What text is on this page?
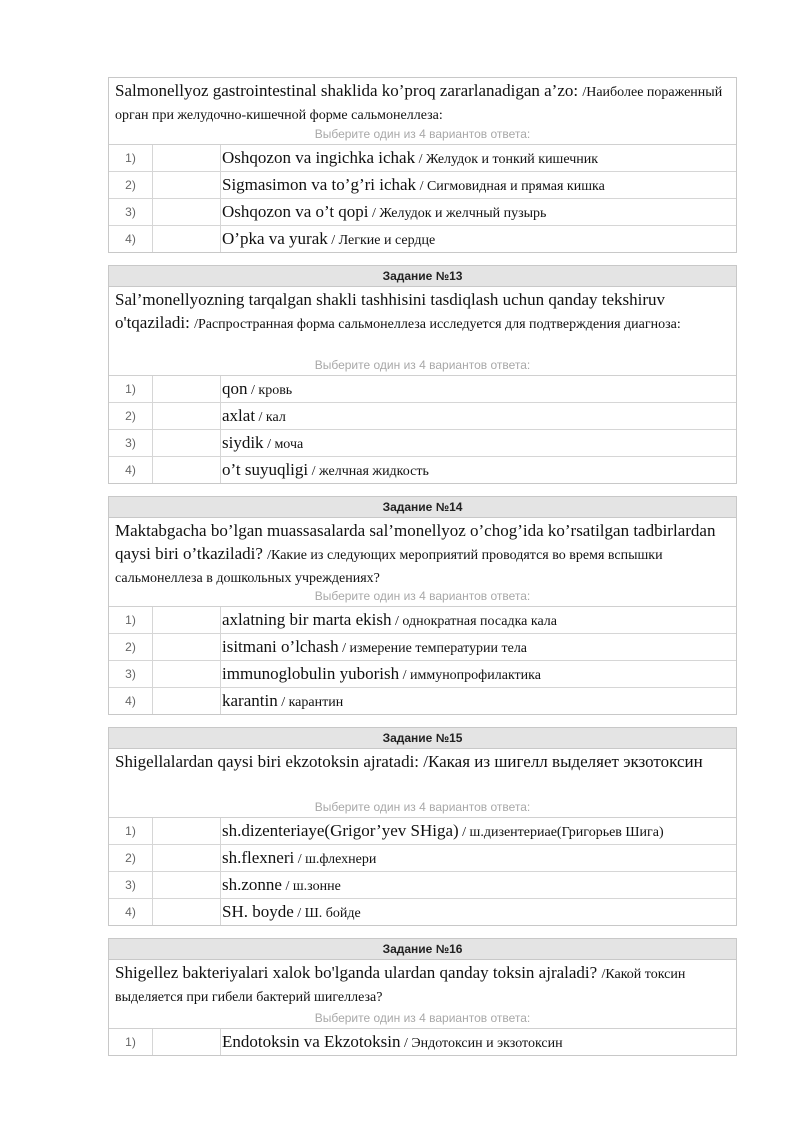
Salmonellyoz gastrointestinal shaklida ko’proq zararlanadigan a’zo: /Наиболее пораженный орган при желудочно-кишечной форме сальмонеллеза:
Выберите один из 4 вариантов ответа:
1)	Oshqozon va ingichka ichak / Желудок и тонкий кишечник
2)	Sigmasimon va to’g’ri ichak / Сигмовидная и прямая кишка
3)	Oshqozon va o’t qopi / Желудок и желчный пузырь
4)	O’pka va yurak / Легкие и сердце
Задание №13
Sal’monellyozning tarqalgan shakli tashhisini tasdiqlash uchun qanday tekshiruv o'tqaziladi: /Распространная форма сальмонеллеза исследуется для подтверждения диагноза:
Выберите один из 4 вариантов ответа:
1)	qon / кровь
2)	axlat / кал
3)	siydik / моча
4)	o’t suyuqligi / желчная жидкость
Задание №14
Maktabgacha bo’lgan muassasalarda sal’monellyoz o’chog’ida ko’rsatilgan tadbirlardan qaysi biri o’tkaziladi? /Какие из следующих мероприятий проводятся во время вспышки сальмонеллеза в дошкольных учреждениях?
Выберите один из 4 вариантов ответа:
1)	axlatning bir marta ekish / однократная посадка кала
2)	isitmani o’lchash / измерение температурии тела
3)	immunoglobulin yuborish / иммунопрофилактика
4)	karantin / карантин
Задание №15
Shigellalardan qaysi biri ekzotoksin ajratadi: /Какая из шигелл выделяет экзотоксин
Выберите один из 4 вариантов ответа:
1)	sh.dizenteriaye(Grigor’yev SHiga) / ш.дизентериае(Григорьев Шига)
2)	sh.flexneri / ш.флехнери
3)	sh.zonne / ш.зонне
4)	SH. boyde / Ш. бойде
Задание №16
Shigellez bakteriyalari xalok bo'lganda ulardan qanday toksin ajraladi? /Какой токсин выделяется при гибели бактерий шигеллеза?
Выберите один из 4 вариантов ответа:
1)	Endotoksin va Ekzotoksin / Эндотоксин и экзотоксин
